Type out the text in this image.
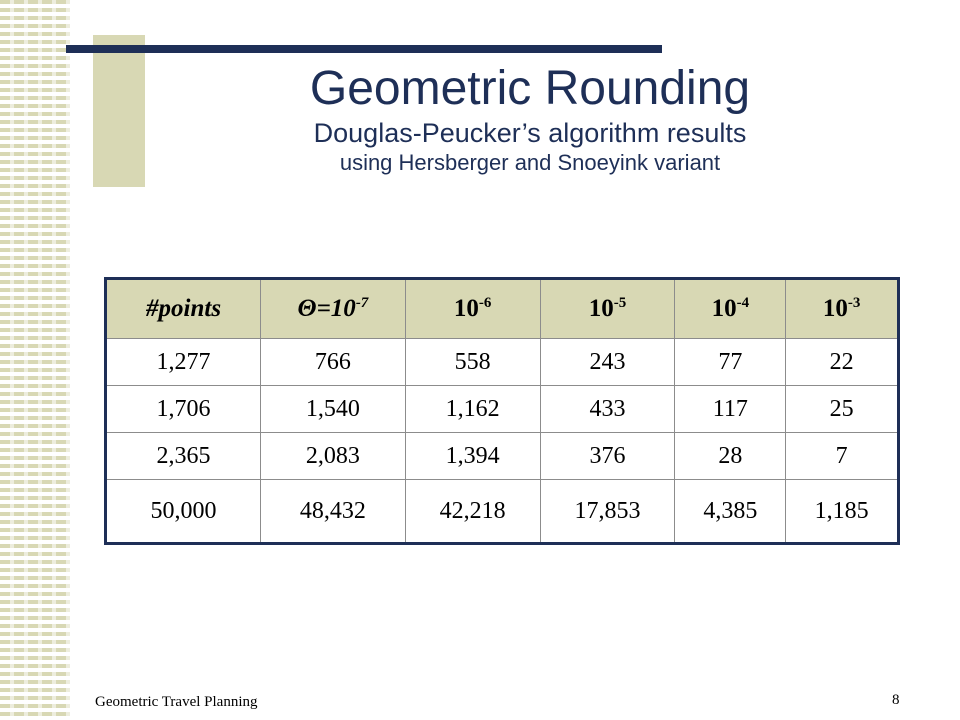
Geometric Rounding
Douglas-Peucker’s algorithm results
using Hersberger and Snoeyink variant
#points	$\Theta=10^{-7}$	$10^{-6}$	$10^{-5}$	$10^{-4}$	$10^{-3}$
1,277	766	558	243	77	22
1,706	1,540	1,162	433	117	25
2,365	2,083	1,394	376	28	7
50,000	48,432	42,218	17,853	4,385	1,185
Geometric Travel Planning	8
